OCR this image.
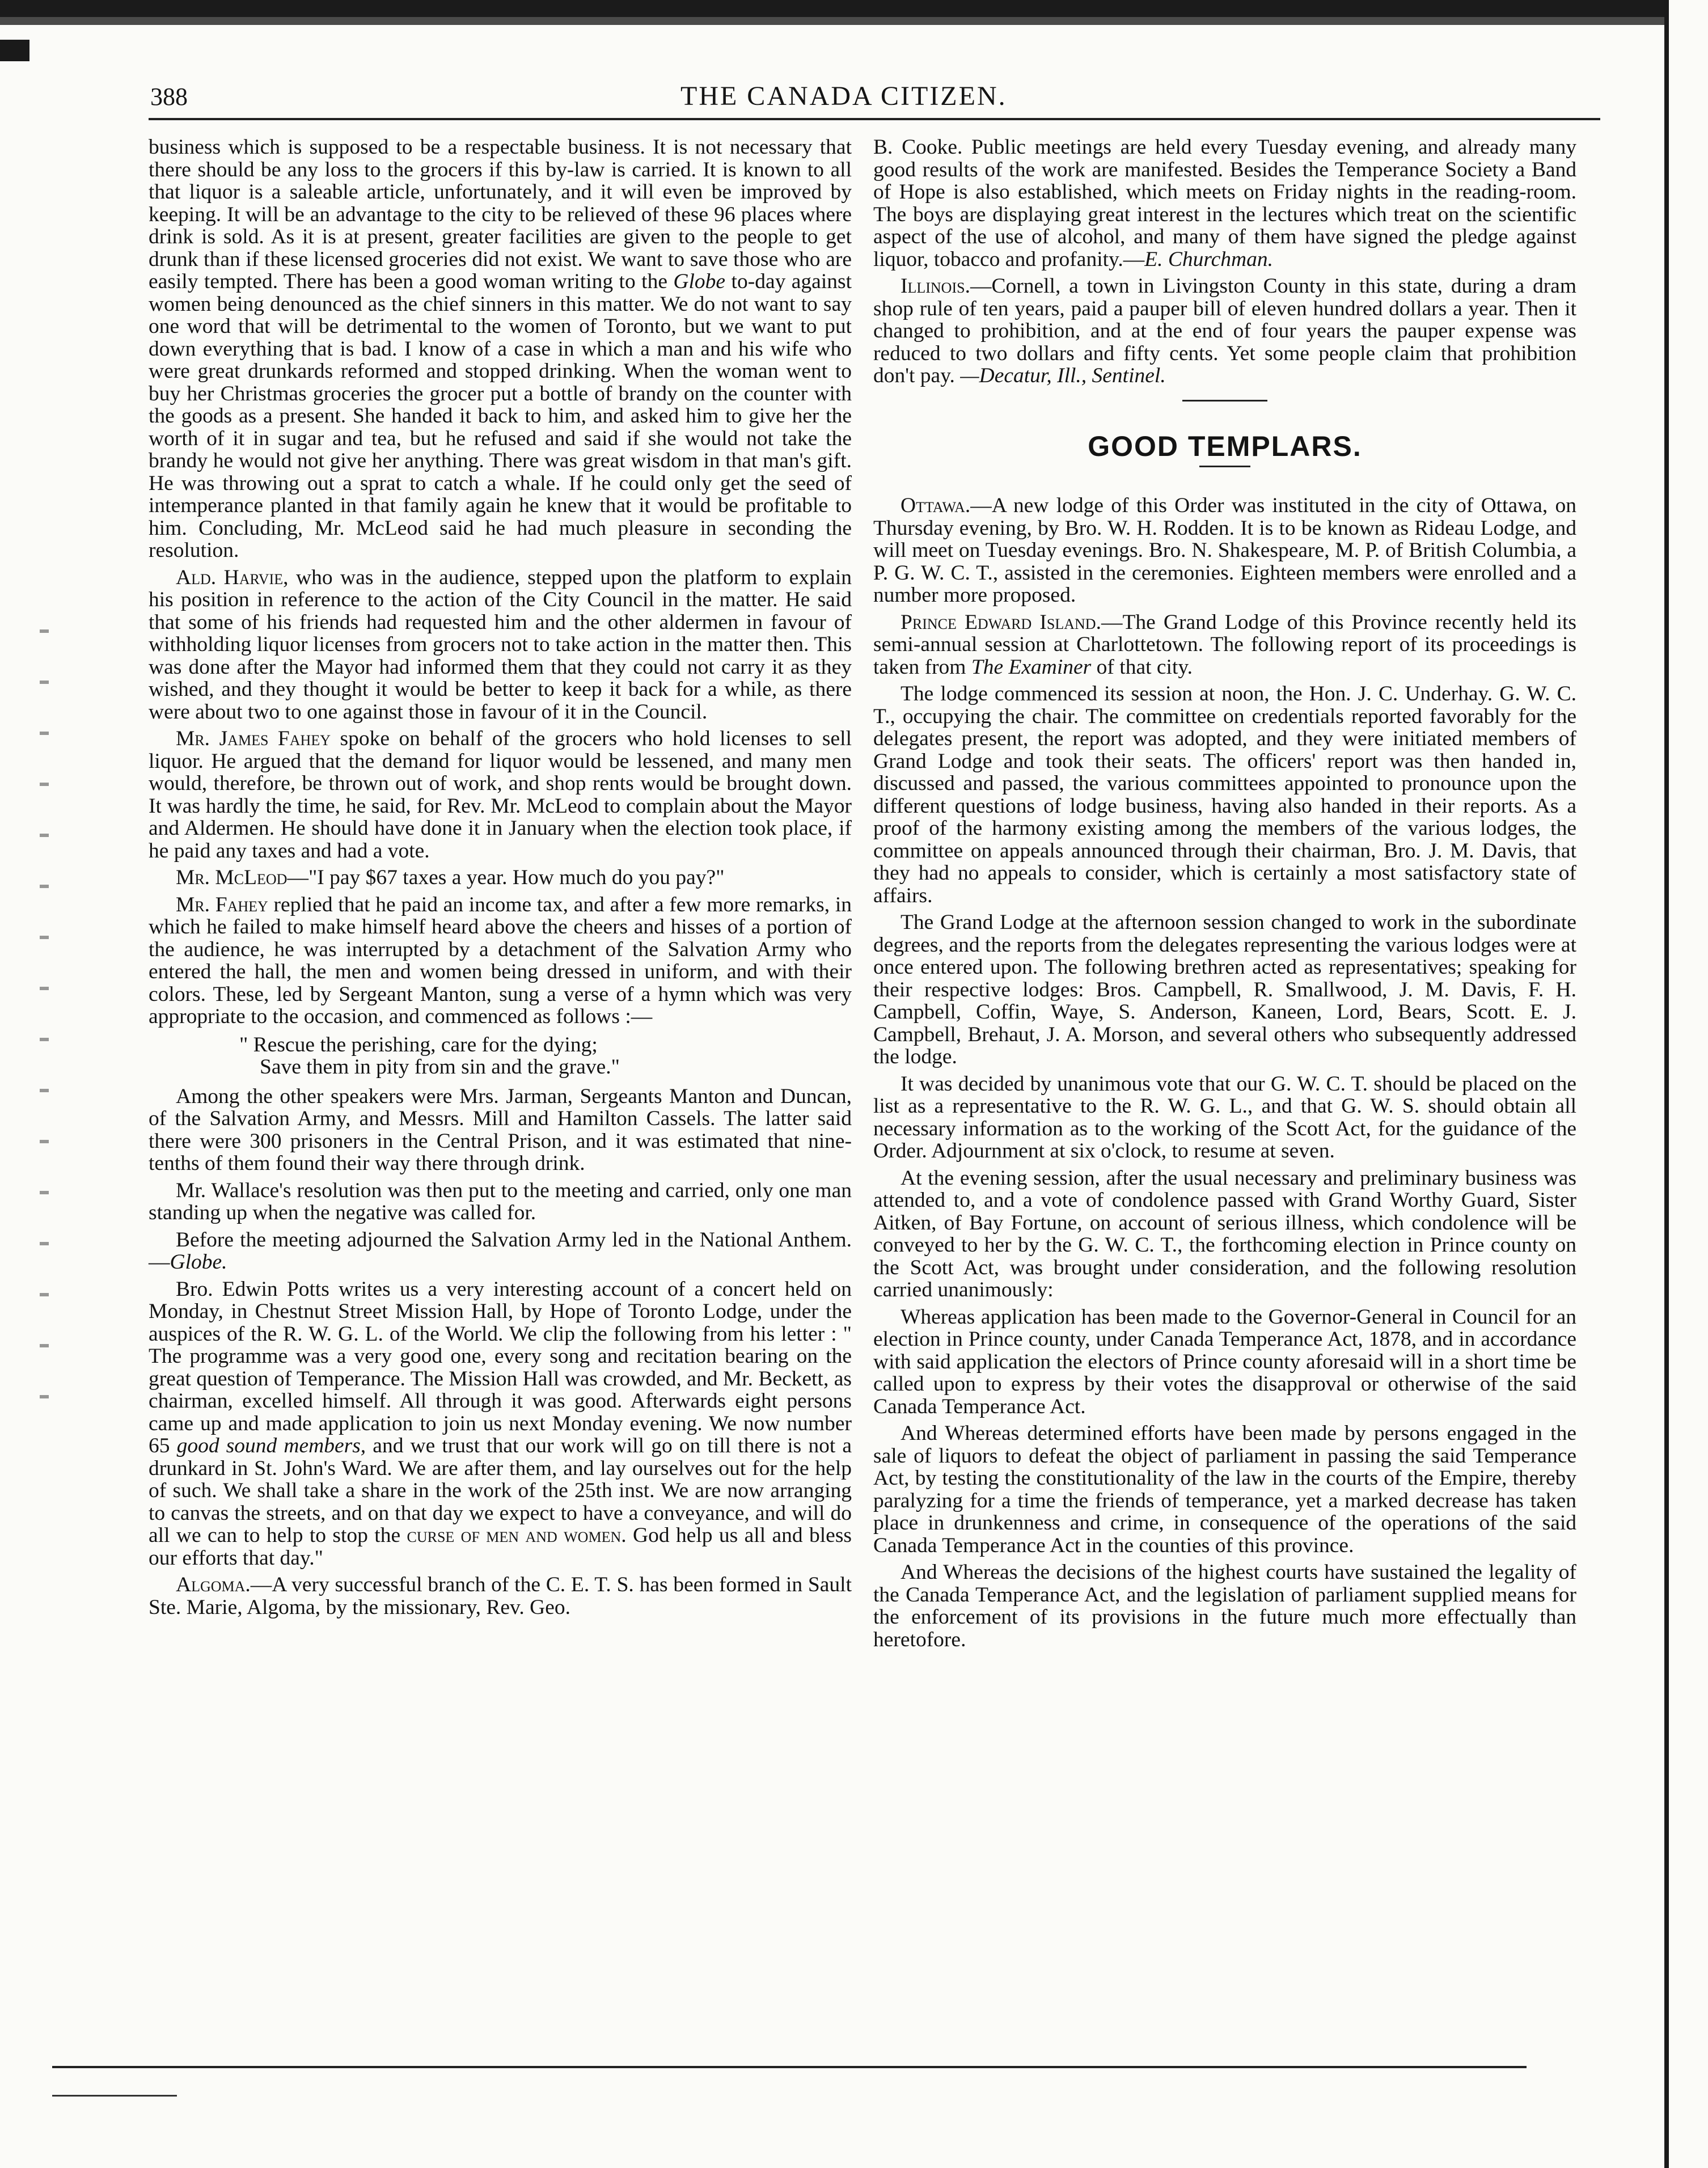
388	THE CANADA CITIZEN.

business which is supposed to be a respectable business. It is not necessary that there should be any loss to the grocers if this by-law is carried. It is known to all that liquor is a saleable article, unfortunately, and it will even be improved by keeping. It will be an advantage to the city to be relieved of these 96 places where drink is sold. As it is at present, greater facilities are given to the people to get drunk than if these licensed groceries did not exist. We want to save those who are easily tempted. There has been a good woman writing to the Globe to-day against women being denounced as the chief sinners in this matter. We do not want to say one word that will be detrimental to the women of Toronto, but we want to put down everything that is bad. I know of a case in which a man and his wife who were great drunkards reformed and stopped drinking. When the woman went to buy her Christmas groceries the grocer put a bottle of brandy on the counter with the goods as a present. She handed it back to him, and asked him to give her the worth of it in sugar and tea, but he refused and said if she would not take the brandy he would not give her anything. There was great wisdom in that man's gift. He was throwing out a sprat to catch a whale. If he could only get the seed of intemperance planted in that family again he knew that it would be profitable to him. Concluding, Mr. McLeod said he had much pleasure in seconding the resolution.

Ald. Harvie, who was in the audience, stepped upon the platform to explain his position in reference to the action of the City Council in the matter. He said that some of his friends had requested him and the other aldermen in favour of withholding liquor licenses from grocers not to take action in the matter then. This was done after the Mayor had informed them that they could not carry it as they wished, and they thought it would be better to keep it back for a while, as there were about two to one against those in favour of it in the Council.

Mr. James Fahey spoke on behalf of the grocers who hold licenses to sell liquor. He argued that the demand for liquor would be lessened, and many men would, therefore, be thrown out of work, and shop rents would be brought down. It was hardly the time, he said, for Rev. Mr. McLeod to complain about the Mayor and Aldermen. He should have done it in January when the election took place, if he paid any taxes and had a vote.

Mr. McLeod—"I pay $67 taxes a year. How much do you pay?"

Mr. Fahey replied that he paid an income tax, and after a few more remarks, in which he failed to make himself heard above the cheers and hisses of a portion of the audience, he was interrupted by a detachment of the Salvation Army who entered the hall, the men and women being dressed in uniform, and with their colors. These, led by Sergeant Manton, sung a verse of a hymn which was very appropriate to the occasion, and commenced as follows :—

" Rescue the perishing, care for the dying;
Save them in pity from sin and the grave."

Among the other speakers were Mrs. Jarman, Sergeants Manton and Duncan, of the Salvation Army, and Messrs. Mill and Hamilton Cassels. The latter said there were 300 prisoners in the Central Prison, and it was estimated that nine-tenths of them found their way there through drink.

Mr. Wallace's resolution was then put to the meeting and carried, only one man standing up when the negative was called for.

Before the meeting adjourned the Salvation Army led in the National Anthem.—Globe.

Bro. Edwin Potts writes us a very interesting account of a concert held on Monday, in Chestnut Street Mission Hall, by Hope of Toronto Lodge, under the auspices of the R. W. G. L. of the World. We clip the following from his letter : " The programme was a very good one, every song and recitation bearing on the great question of Temperance. The Mission Hall was crowded, and Mr. Beckett, as chairman, excelled himself. All through it was good. Afterwards eight persons came up and made application to join us next Monday evening. We now number 65 good sound members, and we trust that our work will go on till there is not a drunkard in St. John's Ward. We are after them, and lay ourselves out for the help of such. We shall take a share in the work of the 25th inst. We are now arranging to canvas the streets, and on that day we expect to have a conveyance, and will do all we can to help to stop the curse of men and women. God help us all and bless our efforts that day."

Algoma.—A very successful branch of the C. E. T. S. has been formed in Sault Ste. Marie, Algoma, by the missionary, Rev. Geo.

B. Cooke. Public meetings are held every Tuesday evening, and already many good results of the work are manifested. Besides the Temperance Society a Band of Hope is also established, which meets on Friday nights in the reading-room. The boys are displaying great interest in the lectures which treat on the scientific aspect of the use of alcohol, and many of them have signed the pledge against liquor, tobacco and profanity.—E. Churchman.

Illinois.—Cornell, a town in Livingston County in this state, during a dram shop rule of ten years, paid a pauper bill of eleven hundred dollars a year. Then it changed to prohibition, and at the end of four years the pauper expense was reduced to two dollars and fifty cents. Yet some people claim that prohibition don't pay. —Decatur, Ill., Sentinel.

GOOD TEMPLARS.

Ottawa.—A new lodge of this Order was instituted in the city of Ottawa, on Thursday evening, by Bro. W. H. Rodden. It is to be known as Rideau Lodge, and will meet on Tuesday evenings. Bro. N. Shakespeare, M. P. of British Columbia, a P. G. W. C. T., assisted in the ceremonies. Eighteen members were enrolled and a number more proposed.

Prince Edward Island.—The Grand Lodge of this Province recently held its semi-annual session at Charlottetown. The following report of its proceedings is taken from The Examiner of that city.

The lodge commenced its session at noon, the Hon. J. C. Underhay. G. W. C. T., occupying the chair. The committee on credentials reported favorably for the delegates present, the report was adopted, and they were initiated members of Grand Lodge and took their seats. The officers' report was then handed in, discussed and passed, the various committees appointed to pronounce upon the different questions of lodge business, having also handed in their reports. As a proof of the harmony existing among the members of the various lodges, the committee on appeals announced through their chairman, Bro. J. M. Davis, that they had no appeals to consider, which is certainly a most satisfactory state of affairs.

The Grand Lodge at the afternoon session changed to work in the subordinate degrees, and the reports from the delegates representing the various lodges were at once entered upon. The following brethren acted as representatives; speaking for their respective lodges: Bros. Campbell, R. Smallwood, J. M. Davis, F. H. Campbell, Coffin, Waye, S. Anderson, Kaneen, Lord, Bears, Scott. E. J. Campbell, Brehaut, J. A. Morson, and several others who subsequently addressed the lodge.

It was decided by unanimous vote that our G. W. C. T. should be placed on the list as a representative to the R. W. G. L., and that G. W. S. should obtain all necessary information as to the working of the Scott Act, for the guidance of the Order. Adjournment at six o'clock, to resume at seven.

At the evening session, after the usual necessary and preliminary business was attended to, and a vote of condolence passed with Grand Worthy Guard, Sister Aitken, of Bay Fortune, on account of serious illness, which condolence will be conveyed to her by the G. W. C. T., the forthcoming election in Prince county on the Scott Act, was brought under consideration, and the following resolution carried unanimously:

Whereas application has been made to the Governor-General in Council for an election in Prince county, under Canada Temperance Act, 1878, and in accordance with said application the electors of Prince county aforesaid will in a short time be called upon to express by their votes the disapproval or otherwise of the said Canada Temperance Act.

And Whereas determined efforts have been made by persons engaged in the sale of liquors to defeat the object of parliament in passing the said Temperance Act, by testing the constitutionality of the law in the courts of the Empire, thereby paralyzing for a time the friends of temperance, yet a marked decrease has taken place in drunkenness and crime, in consequence of the operations of the said Canada Temperance Act in the counties of this province.

And Whereas the decisions of the highest courts have sustained the legality of the Canada Temperance Act, and the legislation of parliament supplied means for the enforcement of its provisions in the future much more effectually than heretofore.
